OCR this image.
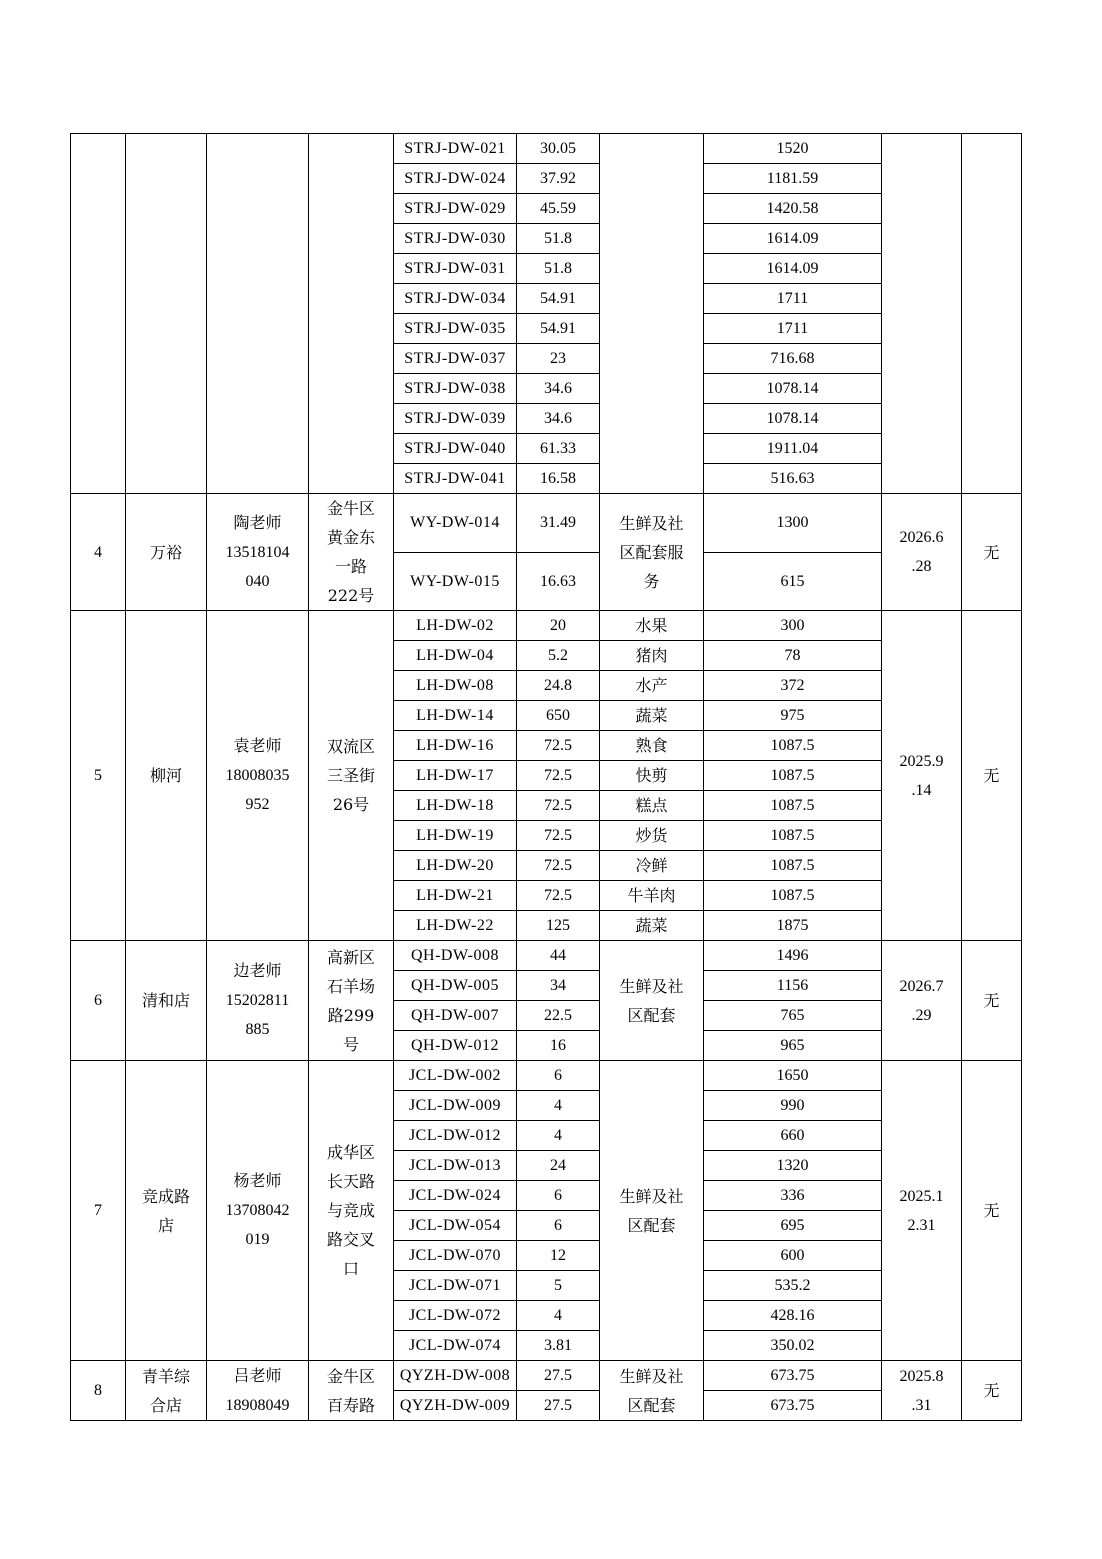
				STRJ-DW-021	30.05		1520		
				STRJ-DW-024	37.92		1181.59		
				STRJ-DW-029	45.59		1420.58		
				STRJ-DW-030	51.8		1614.09		
				STRJ-DW-031	51.8		1614.09		
				STRJ-DW-034	54.91		1711		
				STRJ-DW-035	54.91		1711		
				STRJ-DW-037	23		716.68		
				STRJ-DW-038	34.6		1078.14		
				STRJ-DW-039	34.6		1078.14		
				STRJ-DW-040	61.33		1911.04		
				STRJ-DW-041	16.58		516.63		
4	万裕	陶老师
13518104
040	金牛区
黄金东
一路
222号	WY-DW-014	31.49	生鲜及社
区配套服
务	1300	2026.6
.28	无
				WY-DW-015	16.63		615		
5	柳河	袁老师
18008035
952	双流区
三圣街
26号	LH-DW-02	20	水果	300	2025.9
.14	无
				LH-DW-04	5.2	猪肉	78		
				LH-DW-08	24.8	水产	372		
				LH-DW-14	650	蔬菜	975		
				LH-DW-16	72.5	熟食	1087.5		
				LH-DW-17	72.5	快剪	1087.5		
				LH-DW-18	72.5	糕点	1087.5		
				LH-DW-19	72.5	炒货	1087.5		
				LH-DW-20	72.5	冷鲜	1087.5		
				LH-DW-21	72.5	牛羊肉	1087.5		
				LH-DW-22	125	蔬菜	1875		
6	清和店	边老师
15202811
885	高新区
石羊场
路299
号	QH-DW-008	44	生鲜及社
区配套	1496	2026.7
.29	无
				QH-DW-005	34		1156		
				QH-DW-007	22.5		765		
				QH-DW-012	16		965		
7	竞成路
店	杨老师
13708042
019	成华区
长天路
与竞成
路交叉
口	JCL-DW-002	6	生鲜及社
区配套	1650	2025.1
2.31	无
				JCL-DW-009	4		990		
				JCL-DW-012	4		660		
				JCL-DW-013	24		1320		
				JCL-DW-024	6		336		
				JCL-DW-054	6		695		
				JCL-DW-070	12		600		
				JCL-DW-071	5		535.2		
				JCL-DW-072	4		428.16		
				JCL-DW-074	3.81		350.02		
8	青羊综
合店	吕老师
18908049	金牛区
百寿路	QYZH-DW-008	27.5	生鲜及社
区配套	673.75	2025.8
.31	无
				QYZH-DW-009	27.5		673.75		
